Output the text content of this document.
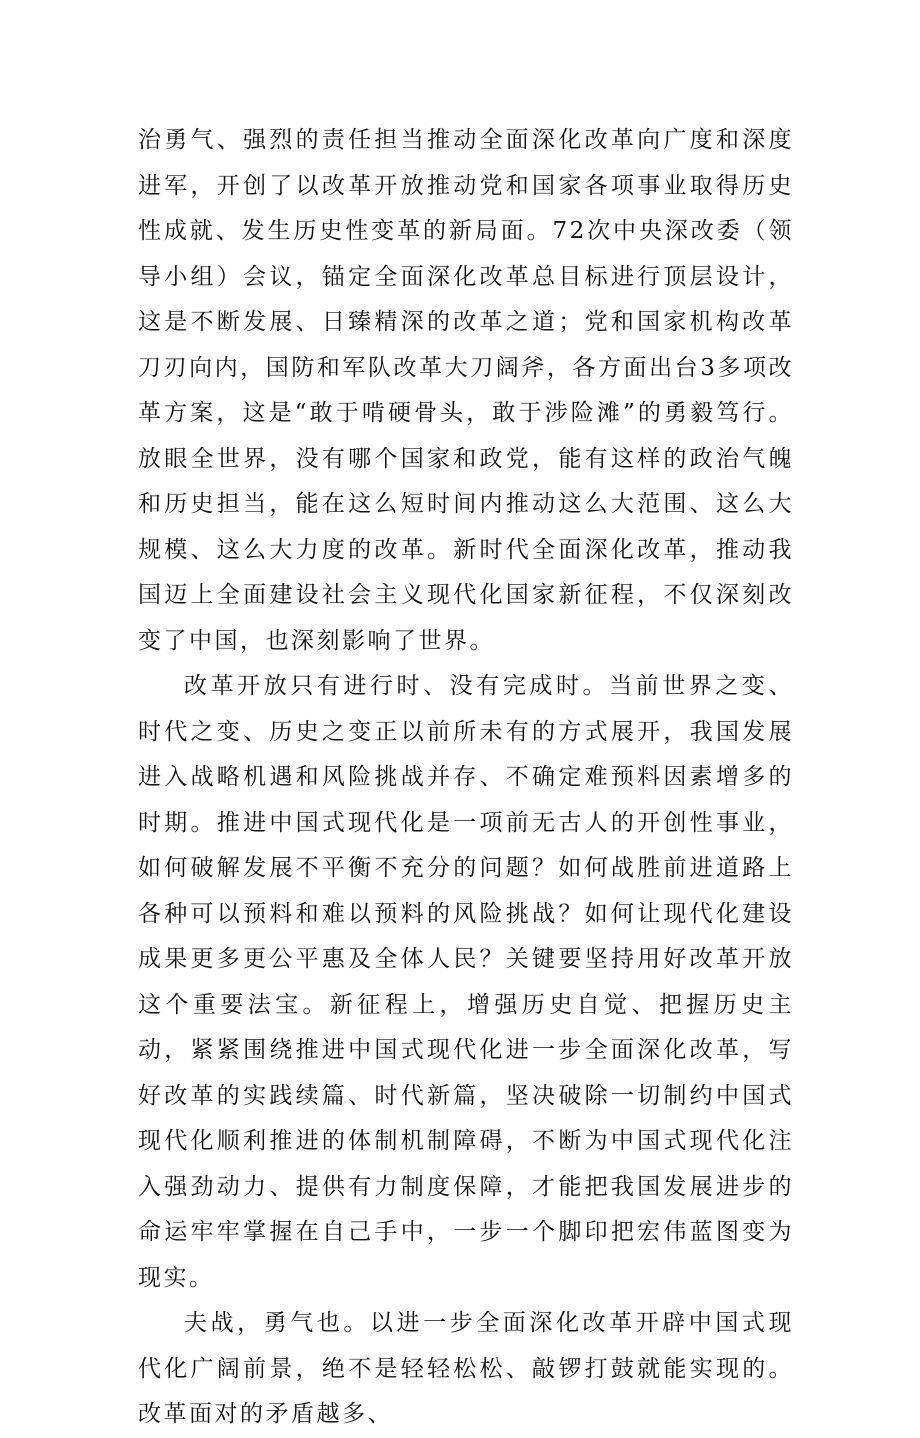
治勇气、强烈的责任担当推动全面深化改革向广度和深度进军，开创了以改革开放推动党和国家各项事业取得历史性成就、发生历史性变革的新局面。72次中央深改委（领导小组）会议，锚定全面深化改革总目标进行顶层设计，这是不断发展、日臻精深的改革之道；党和国家机构改革刀刃向内，国防和军队改革大刀阔斧，各方面出台3多项改革方案，这是“敢于啃硬骨头，敢于涉险滩”的勇毅笃行。放眼全世界，没有哪个国家和政党，能有这样的政治气魄和历史担当，能在这么短时间内推动这么大范围、这么大规模、这么大力度的改革。新时代全面深化改革，推动我国迈上全面建设社会主义现代化国家新征程，不仅深刻改变了中国，也深刻影响了世界。

改革开放只有进行时、没有完成时。当前世界之变、时代之变、历史之变正以前所未有的方式展开，我国发展进入战略机遇和风险挑战并存、不确定难预料因素增多的时期。推进中国式现代化是一项前无古人的开创性事业，如何破解发展不平衡不充分的问题？如何战胜前进道路上各种可以预料和难以预料的风险挑战？如何让现代化建设成果更多更公平惠及全体人民？关键要坚持用好改革开放这个重要法宝。新征程上，增强历史自觉、把握历史主动，紧紧围绕推进中国式现代化进一步全面深化改革，写好改革的实践续篇、时代新篇，坚决破除一切制约中国式现代化顺利推进的体制机制障碍，不断为中国式现代化注入强劲动力、提供有力制度保障，才能把我国发展进步的命运牢牢掌握在自己手中，一步一个脚印把宏伟蓝图变为现实。

夫战，勇气也。以进一步全面深化改革开辟中国式现代化广阔前景，绝不是轻轻松松、敲锣打鼓就能实现的。改革面对的矛盾越多、
